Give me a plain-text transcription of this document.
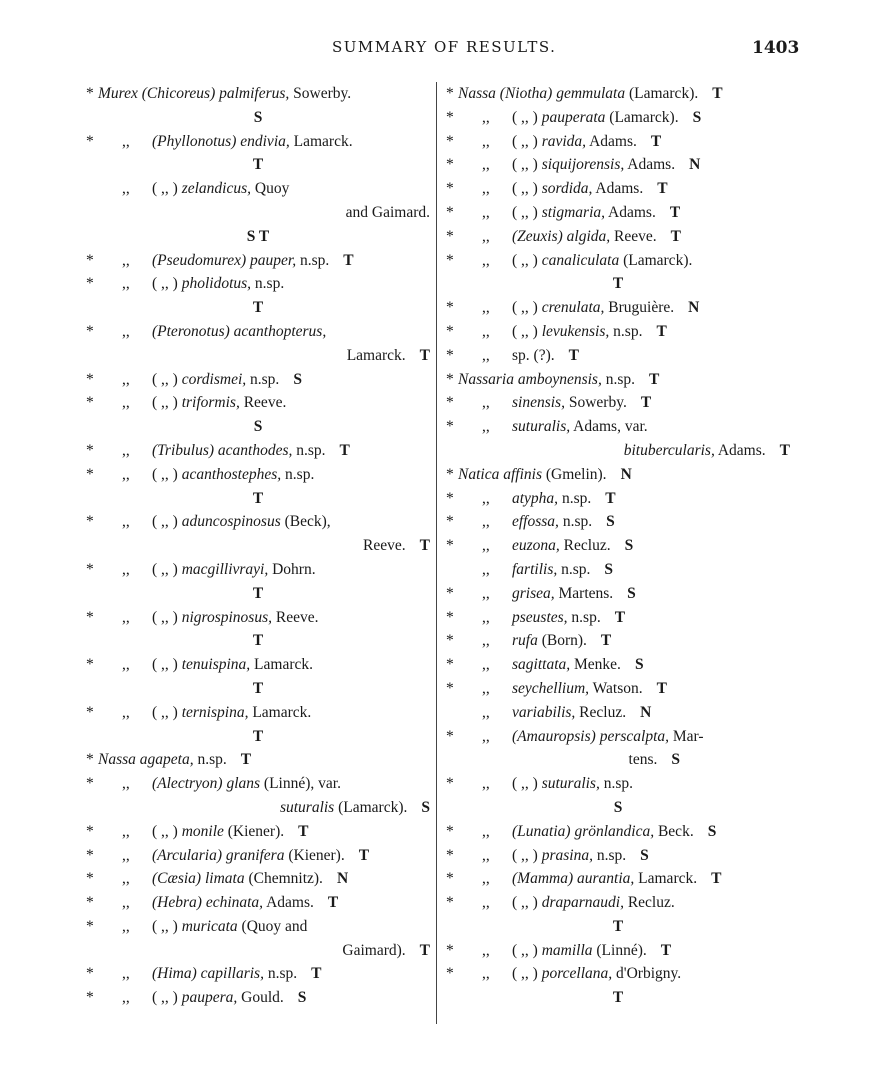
SUMMARY OF RESULTS.	1403
* Murex (Chicoreus) palmiferus, Sowerby.
S
*	,, (Phyllonotus) endivia, Lamarck.
T
,, ( ,, ) zelandicus, Quoy
and Gaimard.
S T
*	,, (Pseudomurex) pauper, n.sp. T
*	,, ( ,, ) pholidotus, n.sp.
T
*	,, (Pteronotus) acanthopterus,
Lamarck. T
*	,, ( ,, ) cordismei, n.sp. S
*	,, ( ,, ) triformis, Reeve.
S
*	,, (Tribulus) acanthodes, n.sp. T
*	,, ( ,, ) acanthostephes, n.sp.
T
*	,, ( ,, ) aduncospinosus (Beck),
Reeve. T
*	,, ( ,, ) macgillivrayi, Dohrn.
T
*	,, ( ,, ) nigrospinosus, Reeve.
T
*	,, ( ,, ) tenuispina, Lamarck.
T
*	,, ( ,, ) ternispina, Lamarck.
T
* Nassa agapeta, n.sp. T
*	,, (Alectryon) glans (Linné), var.
suturalis (Lamarck). S
*	,, ( ,, ) monile (Kiener). T
*	,, (Arcularia) granifera (Kiener). T
*	,, (Cæsia) limata (Chemnitz). N
*	,, (Hebra) echinata, Adams. T
*	,, ( ,, ) muricata (Quoy and
Gaimard). T
*	,, (Hima) capillaris, n.sp. T
*	,, ( ,, ) paupera, Gould. S
* Nassa (Niotha) gemmulata (Lamarck). T
*	,, ( ,, ) pauperata (Lamarck). S
*	,, ( ,, ) ravida, Adams. T
*	,, ( ,, ) siquijorensis, Adams. N
*	,, ( ,, ) sordida, Adams. T
*	,, ( ,, ) stigmaria, Adams. T
*	,, (Zeuxis) algida, Reeve. T
*	,, ( ,, ) canaliculata (Lamarck).
T
*	,, ( ,, ) crenulata, Bruguière. N
*	,, ( ,, ) levukensis, n.sp. T
*	,, sp. (?). T
* Nassaria amboynensis, n.sp. T
*	,, sinensis, Sowerby. T
*	,, suturalis, Adams, var.
bitubercularis, Adams. T
* Natica affinis (Gmelin). N
*	,, atypha, n.sp. T
*	,, effossa, n.sp. S
*	,, euzona, Recluz. S
,, fartilis, n.sp. S
*	,, grisea, Martens. S
*	,, pseustes, n.sp. T
*	,, rufa (Born). T
*	,, sagittata, Menke. S
*	,, seychellium, Watson. T
,, variabilis, Recluz. N
*	,, (Amauropsis) perscalpta, Mar-
tens. S
*	,, ( ,, ) suturalis, n.sp.
S
*	,, (Lunatia) grönlandica, Beck. S
*	,, ( ,, ) prasina, n.sp. S
*	,, (Mamma) aurantia, Lamarck. T
*	,, ( ,, ) draparnaudi, Recluz.
T
*	,, ( ,, ) mamilla (Linné). T
*	,, ( ,, ) porcellana, d'Orbigny.
T
